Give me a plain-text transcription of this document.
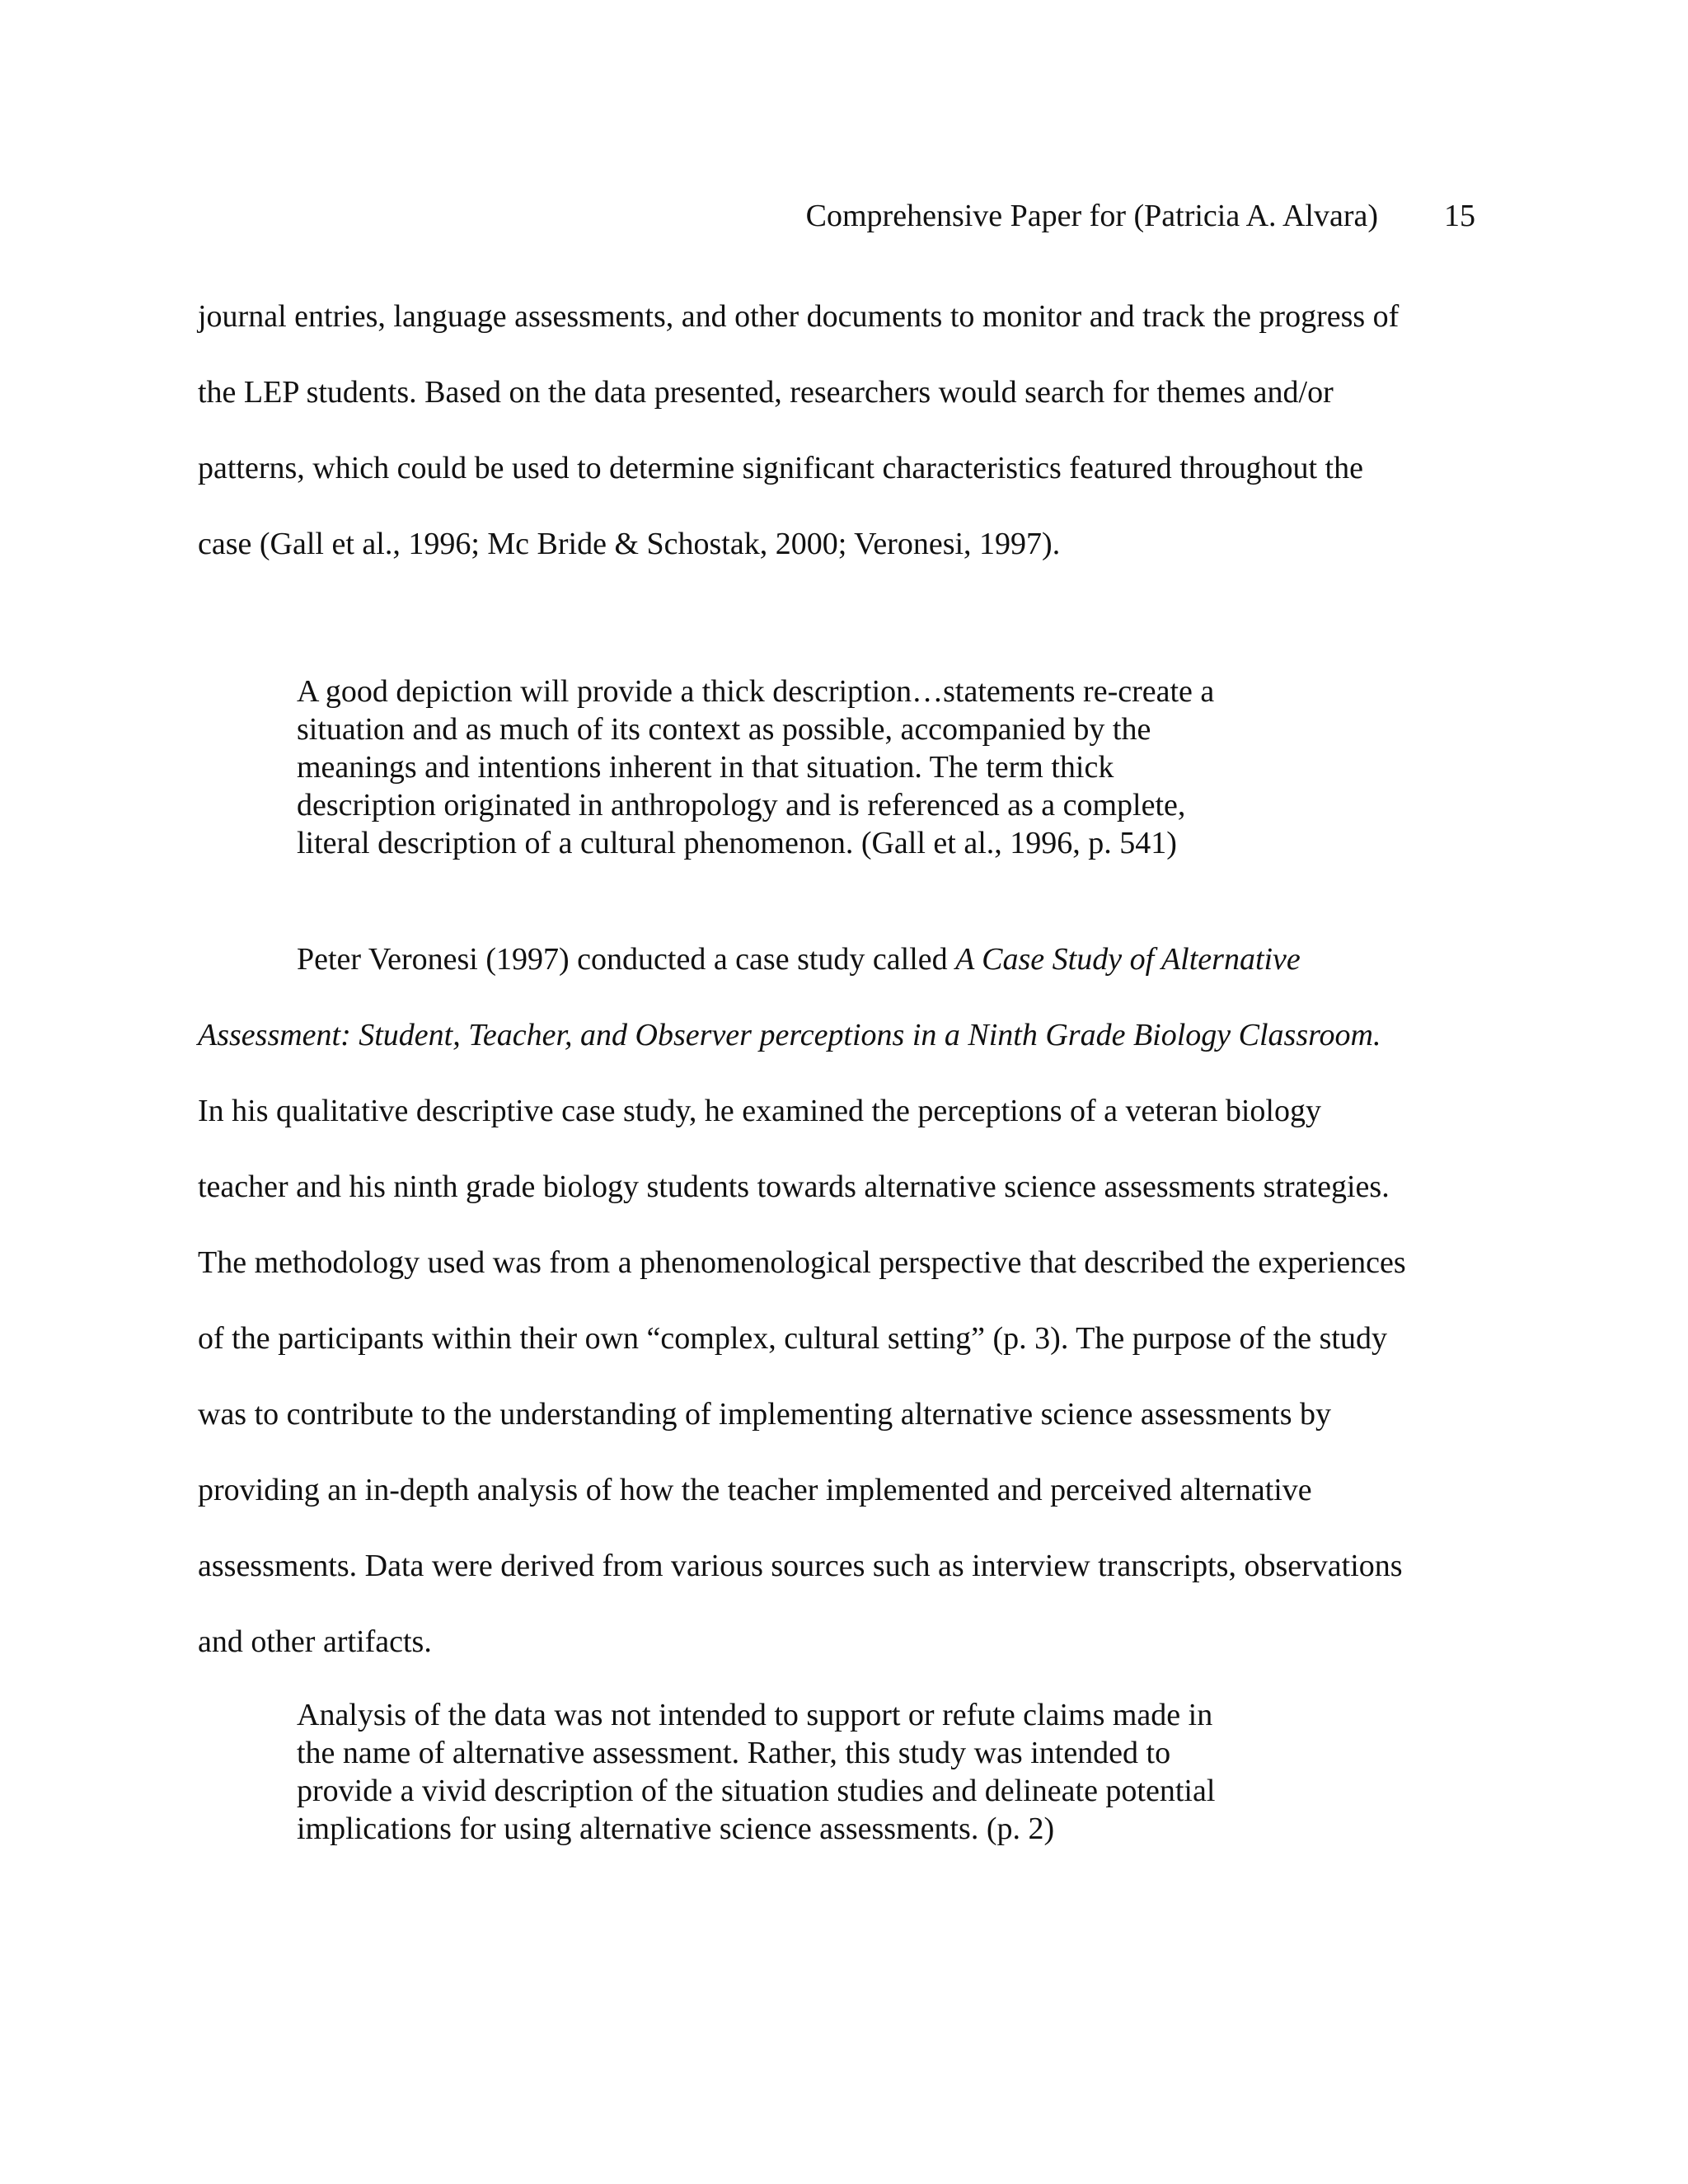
Comprehensive Paper for (Patricia A. Alvara) 15

journal entries, language assessments, and other documents to monitor and track the progress of

the LEP students. Based on the data presented, researchers would search for themes and/or

patterns, which could be used to determine significant characteristics featured throughout the

case (Gall et al., 1996; Mc Bride & Schostak, 2000; Veronesi, 1997).

A good depiction will provide a thick description…statements re-create a

situation and as much of its context as possible, accompanied by the

meanings and intentions inherent in that situation. The term thick

description originated in anthropology and is referenced as a complete,

literal description of a cultural phenomenon. (Gall et al., 1996, p. 541)

Peter Veronesi (1997) conducted a case study called A Case Study of Alternative

Assessment: Student, Teacher, and Observer perceptions in a Ninth Grade Biology Classroom.

In his qualitative descriptive case study, he examined the perceptions of a veteran biology

teacher and his ninth grade biology students towards alternative science assessments strategies.

The methodology used was from a phenomenological perspective that described the experiences

of the participants within their own “complex, cultural setting” (p. 3). The purpose of the study

was to contribute to the understanding of implementing alternative science assessments by

providing an in-depth analysis of how the teacher implemented and perceived alternative

assessments. Data were derived from various sources such as interview transcripts, observations

and other artifacts.

Analysis of the data was not intended to support or refute claims made in

the name of alternative assessment. Rather, this study was intended to

provide a vivid description of the situation studies and delineate potential

implications for using alternative science assessments. (p. 2)
